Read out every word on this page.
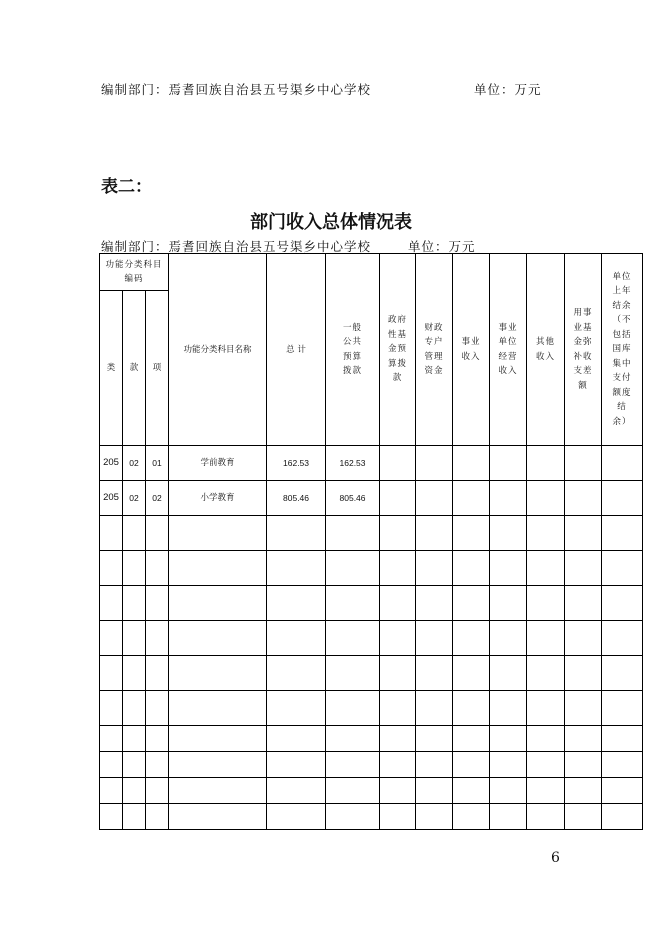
编制部门：焉耆回族自治县五号渠乡中心学校	单位：万元
表二：
部门收入总体情况表
编制部门：焉耆回族自治县五号渠乡中心学校	单位：万元
功能分类科目编码			功能分类科目名称	总 计	一般公共预算拨款	政府性基金预算拨款	财政专户管理资金	事业收入	事业单位经营收入	其他收入	用事业基金弥补收支差额	单位上年结余（不包括国库集中支付额度结余）
类	款	项										
205	02	01	学前教育	162.53	162.53							
205	02	02	小学教育	805.46	805.46							

6
